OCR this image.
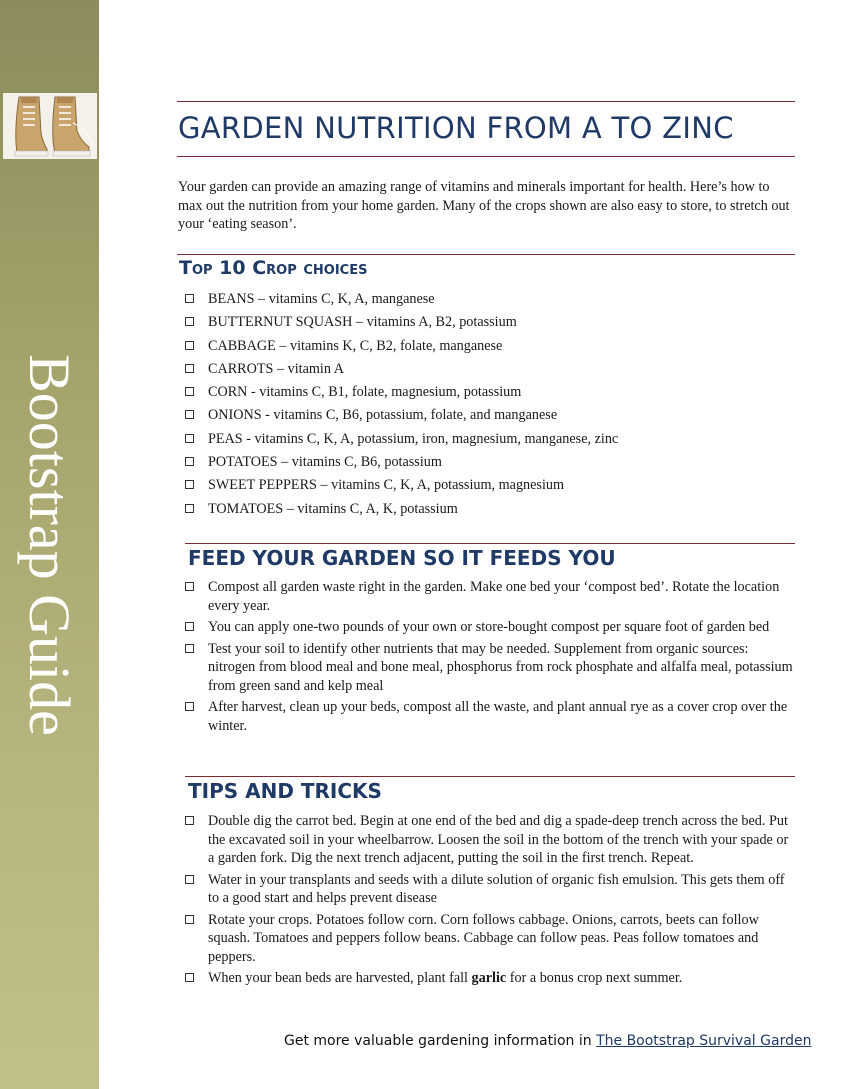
Bootstrap Guide
GARDEN NUTRITION FROM A TO ZINC

Your garden can provide an amazing range of vitamins and minerals important for health. Here’s how to max out the nutrition from your home garden. Many of the crops shown are also easy to store, to stretch out your ‘eating season’.

Top 10 Crop choices
BEANS – vitamins C, K, A, manganese
BUTTERNUT SQUASH – vitamins A, B2, potassium
CABBAGE – vitamins K, C, B2, folate, manganese
CARROTS – vitamin A
CORN - vitamins C, B1, folate, magnesium, potassium
ONIONS - vitamins C, B6, potassium, folate, and manganese
PEAS - vitamins C, K, A, potassium, iron, magnesium, manganese, zinc
POTATOES – vitamins C, B6, potassium
SWEET PEPPERS – vitamins C, K, A, potassium, magnesium
TOMATOES – vitamins C, A, K, potassium
FEED YOUR GARDEN SO IT FEEDS YOU
Compost all garden waste right in the garden. Make one bed your ‘compost bed’. Rotate the location every year.
You can apply one-two pounds of your own or store-bought compost per square foot of garden bed
Test your soil to identify other nutrients that may be needed. Supplement from organic sources: nitrogen from blood meal and bone meal, phosphorus from rock phosphate and alfalfa meal, potassium from green sand and kelp meal
After harvest, clean up your beds, compost all the waste, and plant annual rye as a cover crop over the winter.
TIPS AND TRICKS
Double dig the carrot bed. Begin at one end of the bed and dig a spade-deep trench across the bed. Put the excavated soil in your wheelbarrow. Loosen the soil in the bottom of the trench with your spade or a garden fork. Dig the next trench adjacent, putting the soil in the first trench. Repeat.
Water in your transplants and seeds with a dilute solution of organic fish emulsion. This gets them off to a good start and helps prevent disease
Rotate your crops. Potatoes follow corn. Corn follows cabbage. Onions, carrots, beets can follow squash. Tomatoes and peppers follow beans. Cabbage can follow peas. Peas follow tomatoes and peppers.
When your bean beds are harvested, plant fall garlic for a bonus crop next summer.
Get more valuable gardening information in The Bootstrap Survival Garden
